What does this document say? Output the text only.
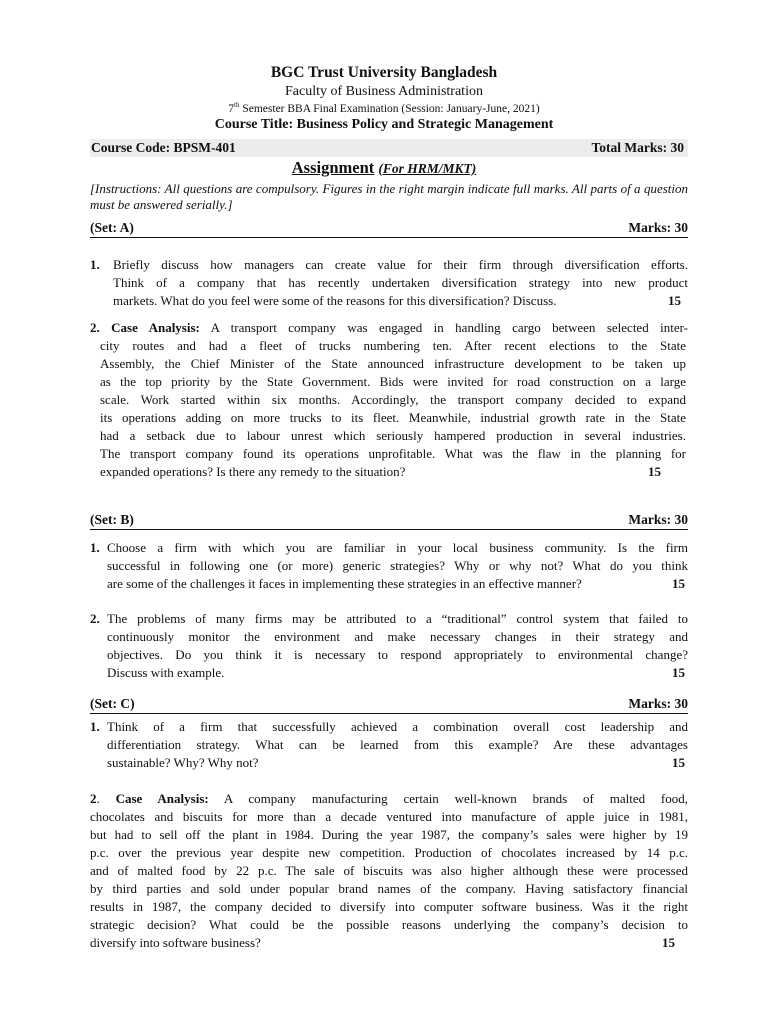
BGC Trust University Bangladesh
Faculty of Business Administration
7th Semester BBA Final Examination (Session: January-June, 2021)
Course Title: Business Policy and Strategic Management
Course Code: BPSM-401	Total Marks: 30
Assignment (For HRM/MKT)
[Instructions: All questions are compulsory. Figures in the right margin indicate full marks. All parts of a question must be answered serially.]
(Set: A)	Marks: 30
1. Briefly discuss how managers can create value for their firm through diversification efforts.
Think of a company that has recently undertaken diversification strategy into new product
markets. What do you feel were some of the reasons for this diversification? Discuss.	15
2. Case Analysis: A transport company was engaged in handling cargo between selected inter-
city routes and had a fleet of trucks numbering ten. After recent elections to the State
Assembly, the Chief Minister of the State announced infrastructure development to be taken up
as the top priority by the State Government. Bids were invited for road construction on a large
scale. Work started within six months. Accordingly, the transport company decided to expand
its operations adding on more trucks to its fleet. Meanwhile, industrial growth rate in the State
had a setback due to labour unrest which seriously hampered production in several industries.
The transport company found its operations unprofitable. What was the flaw in the planning for
expanded operations? Is there any remedy to the situation?	15
(Set: B)	Marks: 30
1. Choose a firm with which you are familiar in your local business community. Is the firm
successful in following one (or more) generic strategies? Why or why not? What do you think
are some of the challenges it faces in implementing these strategies in an effective manner?	15
2. The problems of many firms may be attributed to a “traditional” control system that failed to
continuously monitor the environment and make necessary changes in their strategy and
objectives. Do you think it is necessary to respond appropriately to environmental change?
Discuss with example.	15
(Set: C)	Marks: 30
1. Think of a firm that successfully achieved a combination overall cost leadership and
differentiation strategy. What can be learned from this example? Are these advantages
sustainable? Why? Why not?	15
2. Case Analysis: A company manufacturing certain well-known brands of malted food,
chocolates and biscuits for more than a decade ventured into manufacture of apple juice in 1981,
but had to sell off the plant in 1984. During the year 1987, the company’s sales were higher by 19
p.c. over the previous year despite new competition. Production of chocolates increased by 14 p.c.
and of malted food by 22 p.c. The sale of biscuits was also higher although these were processed
by third parties and sold under popular brand names of the company. Having satisfactory financial
results in 1987, the company decided to diversify into computer software business. Was it the right
strategic decision? What could be the possible reasons underlying the company’s decision to
diversify into software business?	15
